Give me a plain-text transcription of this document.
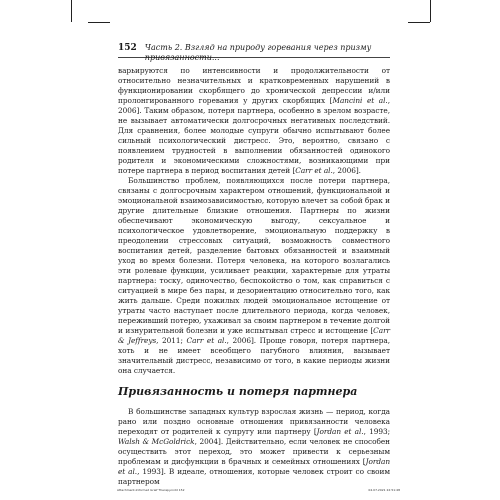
152 Часть 2. Взгляд на природу горевания через призму привязанности...

варьируются по интенсивности и продолжительности от относительно незначительных и кратковременных нарушений в функционировании скорбящего до хронической депрессии и/или пролонгированного горевания у других скорбящих [Mancini et al., 2006]. Таким образом, потеря партнера, особенно в зрелом возрасте, не вызывает автоматически долгосрочных негативных последствий. Для сравнения, более молодые супруги обычно испытывают более сильный психологический дистресс. Это, вероятно, связано с появлением трудностей в выполнении обязанностей одинокого родителя и экономическими сложностями, возникающими при потере партнера в период воспитания детей [Carr et al., 2006].

Большинство проблем, появляющихся после потери партнера, связаны с долгосрочным характером отношений, функциональной и эмоциональной взаимозависимостью, которую влечет за собой брак и другие длительные близкие отношения. Партнеры по жизни обеспечивают экономическую выгоду, сексуальное и психологическое удовлетворение, эмоциональную поддержку в преодолении стрессовых ситуаций, возможность совместного воспитания детей, разделение бытовых обязанностей и взаимный уход во время болезни. Потеря человека, на которого возлагались эти ролевые функции, усиливает реакции, характерные для утраты партнера: тоску, одиночество, беспокойство о том, как справиться с ситуацией в мире без пары, и дезориентацию относительно того, как жить дальше. Среди пожилых людей эмоциональное истощение от утраты часто наступает после длительного периода, когда человек, переживший потерю, ухаживал за своим партнером в течение долгой и изнурительной болезни и уже испытывал стресс и истощение [Carr & Jeffreys, 2011; Carr et al., 2006]. Проще говоря, потеря партнера, хоть и не имеет всеобщего пагубного влияния, вызывает значительный дистресс, независимо от того, в какие периоды жизни она случается.

Привязанность и потеря партнера

В большинстве западных культур взрослая жизнь — период, когда рано или поздно основные отношения привязанности человека переходят от родителей к супругу или партнеру [Jordan et al., 1993; Walsh & McGoldrick, 2004]. Действительно, если человек не способен осуществить этот переход, это может привести к серьезным проблемам и дисфункции в брачных и семейных отношениях [Jordan et al., 1993]. В идеале, отношения, которые человек строит со своим партнером

Attachment-Informed Grief Therapy.indd 152	04.07.2021 22:51:48
